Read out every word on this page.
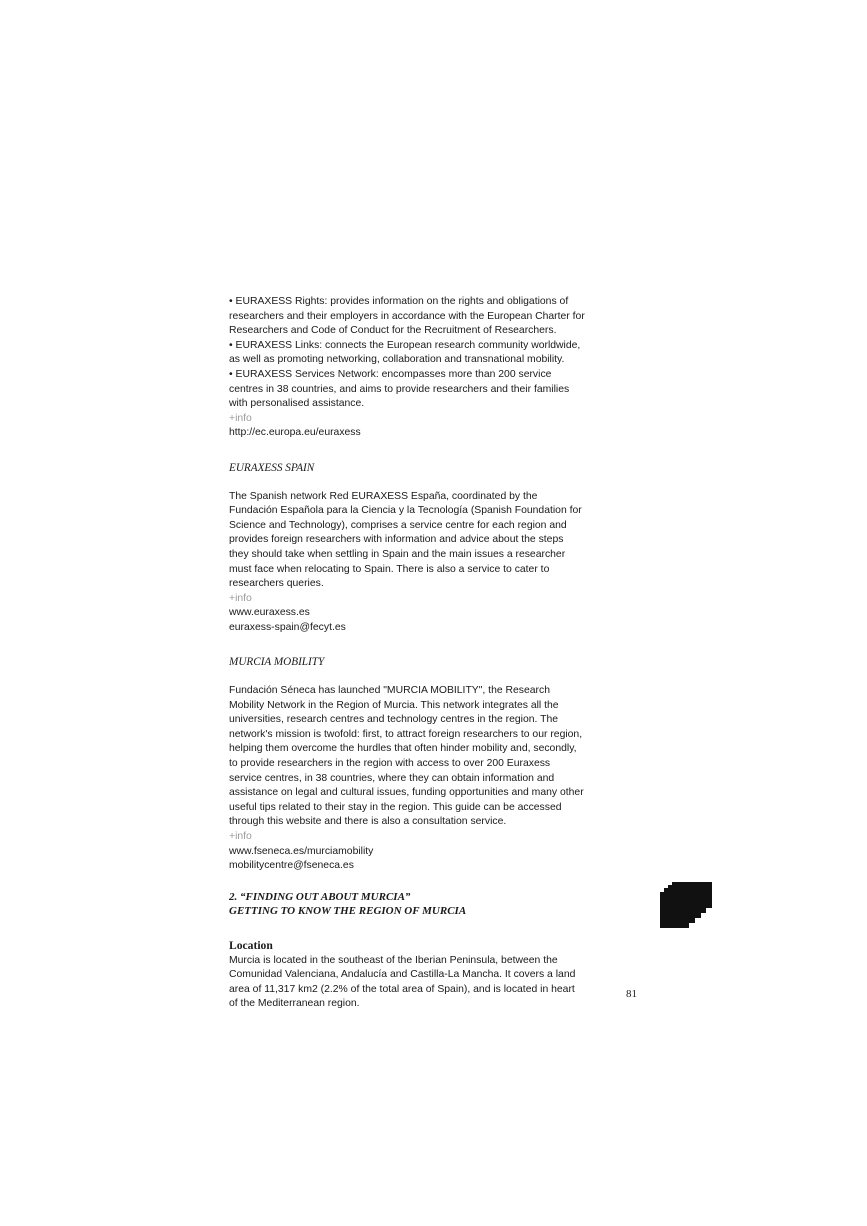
• EURAXESS Rights: provides information on the rights and obligations of researchers and their employers in accordance with the European Charter for Researchers and Code of Conduct for the Recruitment of Researchers.

• EURAXESS Links: connects the European research community worldwide, as well as promoting networking, collaboration and transnational mobility.

• EURAXESS Services Network: encompasses more than 200 service centres in 38 countries, and aims to provide researchers and their families with personalised assistance.

+info
http://ec.europa.eu/euraxess
EURAXESS SPAIN

The Spanish network Red EURAXESS España, coordinated by the Fundación Española para la Ciencia y la Tecnología (Spanish Foundation for Science and Technology), comprises a service centre for each region and provides foreign researchers with information and advice about the steps they should take when settling in Spain and the main issues a researcher must face when relocating to Spain. There is also a service to cater to researchers queries.

+info
www.euraxess.es
euraxess-spain@fecyt.es
MURCIA MOBILITY

Fundación Séneca has launched "MURCIA MOBILITY", the Research Mobility Network in the Region of Murcia. This network integrates all the universities, research centres and technology centres in the region. The network's mission is twofold: first, to attract foreign researchers to our region, helping them overcome the hurdles that often hinder mobility and, secondly, to provide researchers in the region with access to over 200 Euraxess service centres, in 38 countries, where they can obtain information and assistance on legal and cultural issues, funding opportunities and many other useful tips related to their stay in the region. This guide can be accessed through this website and there is also a consultation service.

+info
www.fseneca.es/murciamobility
mobilitycentre@fseneca.es
2. “FINDING OUT ABOUT MURCIA”
GETTING TO KNOW THE REGION OF MURCIA
Location

Murcia is located in the southeast of the Iberian Peninsula, between the Comunidad Valenciana, Andalucía and Castilla-La Mancha. It covers a land area of 11,317 km2 (2.2% of the total area of Spain), and is located in heart of the Mediterranean region.

81
